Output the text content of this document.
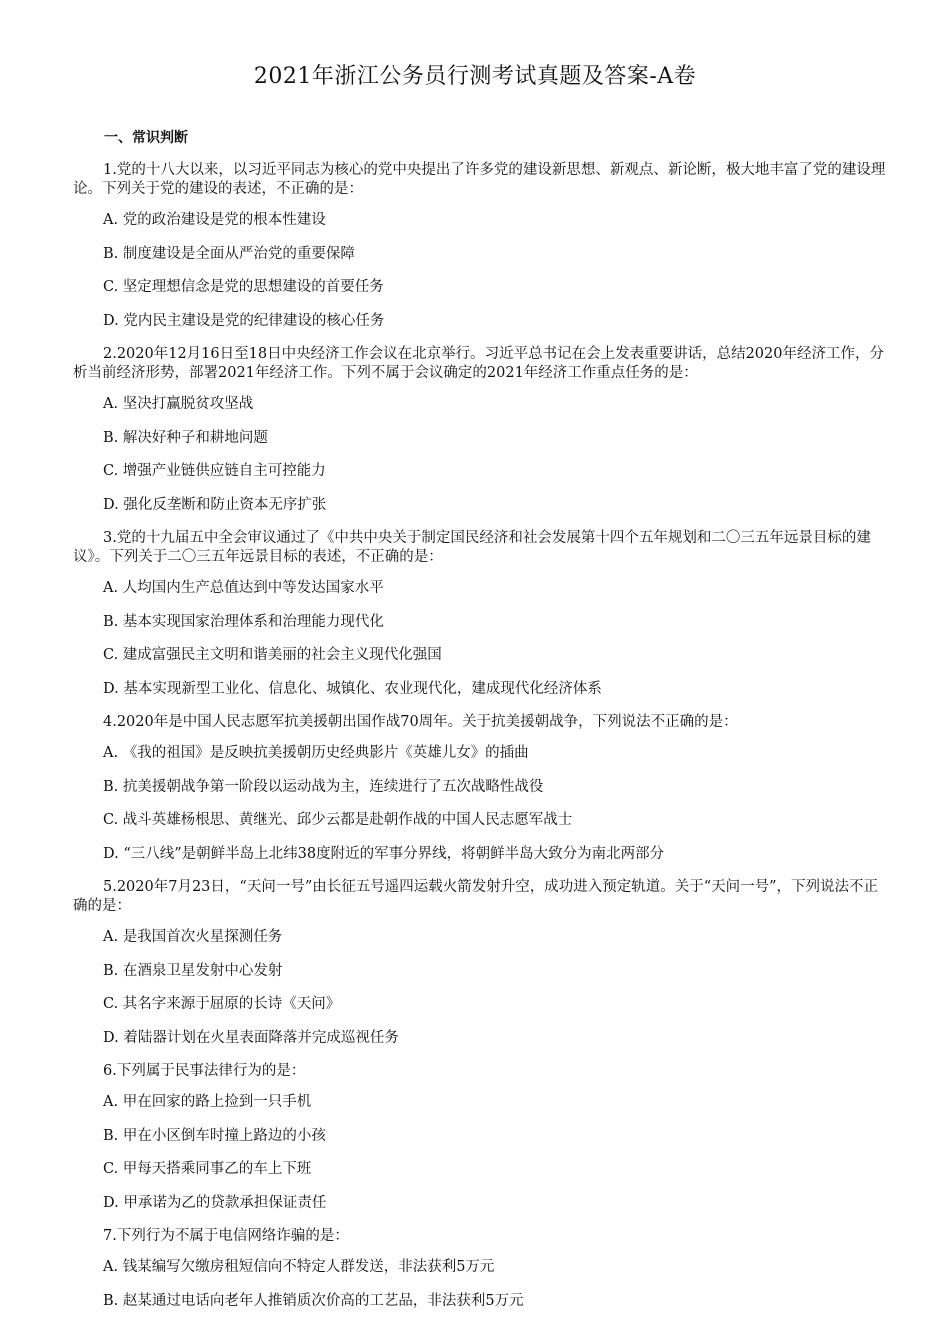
2021年浙江公务员行测考试真题及答案-A卷
一、常识判断
1.党的十八大以来，以习近平同志为核心的党中央提出了许多党的建设新思想、新观点、新论断，极大地丰富了党的建设理论。下列关于党的建设的表述，不正确的是：
A. 党的政治建设是党的根本性建设
B. 制度建设是全面从严治党的重要保障
C. 坚定理想信念是党的思想建设的首要任务
D. 党内民主建设是党的纪律建设的核心任务
2.2020年12月16日至18日中央经济工作会议在北京举行。习近平总书记在会上发表重要讲话，总结2020年经济工作，分析当前经济形势，部署2021年经济工作。下列不属于会议确定的2021年经济工作重点任务的是：
A. 坚决打赢脱贫攻坚战
B. 解决好种子和耕地问题
C. 增强产业链供应链自主可控能力
D. 强化反垄断和防止资本无序扩张
3.党的十九届五中全会审议通过了《中共中央关于制定国民经济和社会发展第十四个五年规划和二〇三五年远景目标的建议》。下列关于二〇三五年远景目标的表述，不正确的是：
A. 人均国内生产总值达到中等发达国家水平
B. 基本实现国家治理体系和治理能力现代化
C. 建成富强民主文明和谐美丽的社会主义现代化强国
D. 基本实现新型工业化、信息化、城镇化、农业现代化，建成现代化经济体系
4.2020年是中国人民志愿军抗美援朝出国作战70周年。关于抗美援朝战争，下列说法不正确的是：
A. 《我的祖国》是反映抗美援朝历史经典影片《英雄儿女》的插曲
B. 抗美援朝战争第一阶段以运动战为主，连续进行了五次战略性战役
C. 战斗英雄杨根思、黄继光、邱少云都是赴朝作战的中国人民志愿军战士
D. “三八线”是朝鲜半岛上北纬38度附近的军事分界线，将朝鲜半岛大致分为南北两部分
5.2020年7月23日，“天问一号”由长征五号遥四运载火箭发射升空，成功进入预定轨道。关于“天问一号”，下列说法不正确的是：
A. 是我国首次火星探测任务
B. 在酒泉卫星发射中心发射
C. 其名字来源于屈原的长诗《天问》
D. 着陆器计划在火星表面降落并完成巡视任务
6.下列属于民事法律行为的是：
A. 甲在回家的路上捡到一只手机
B. 甲在小区倒车时撞上路边的小孩
C. 甲每天搭乘同事乙的车上下班
D. 甲承诺为乙的贷款承担保证责任
7.下列行为不属于电信网络诈骗的是：
A. 钱某编写欠缴房租短信向不特定人群发送，非法获利5万元
B. 赵某通过电话向老年人推销质次价高的工艺品，非法获利5万元
